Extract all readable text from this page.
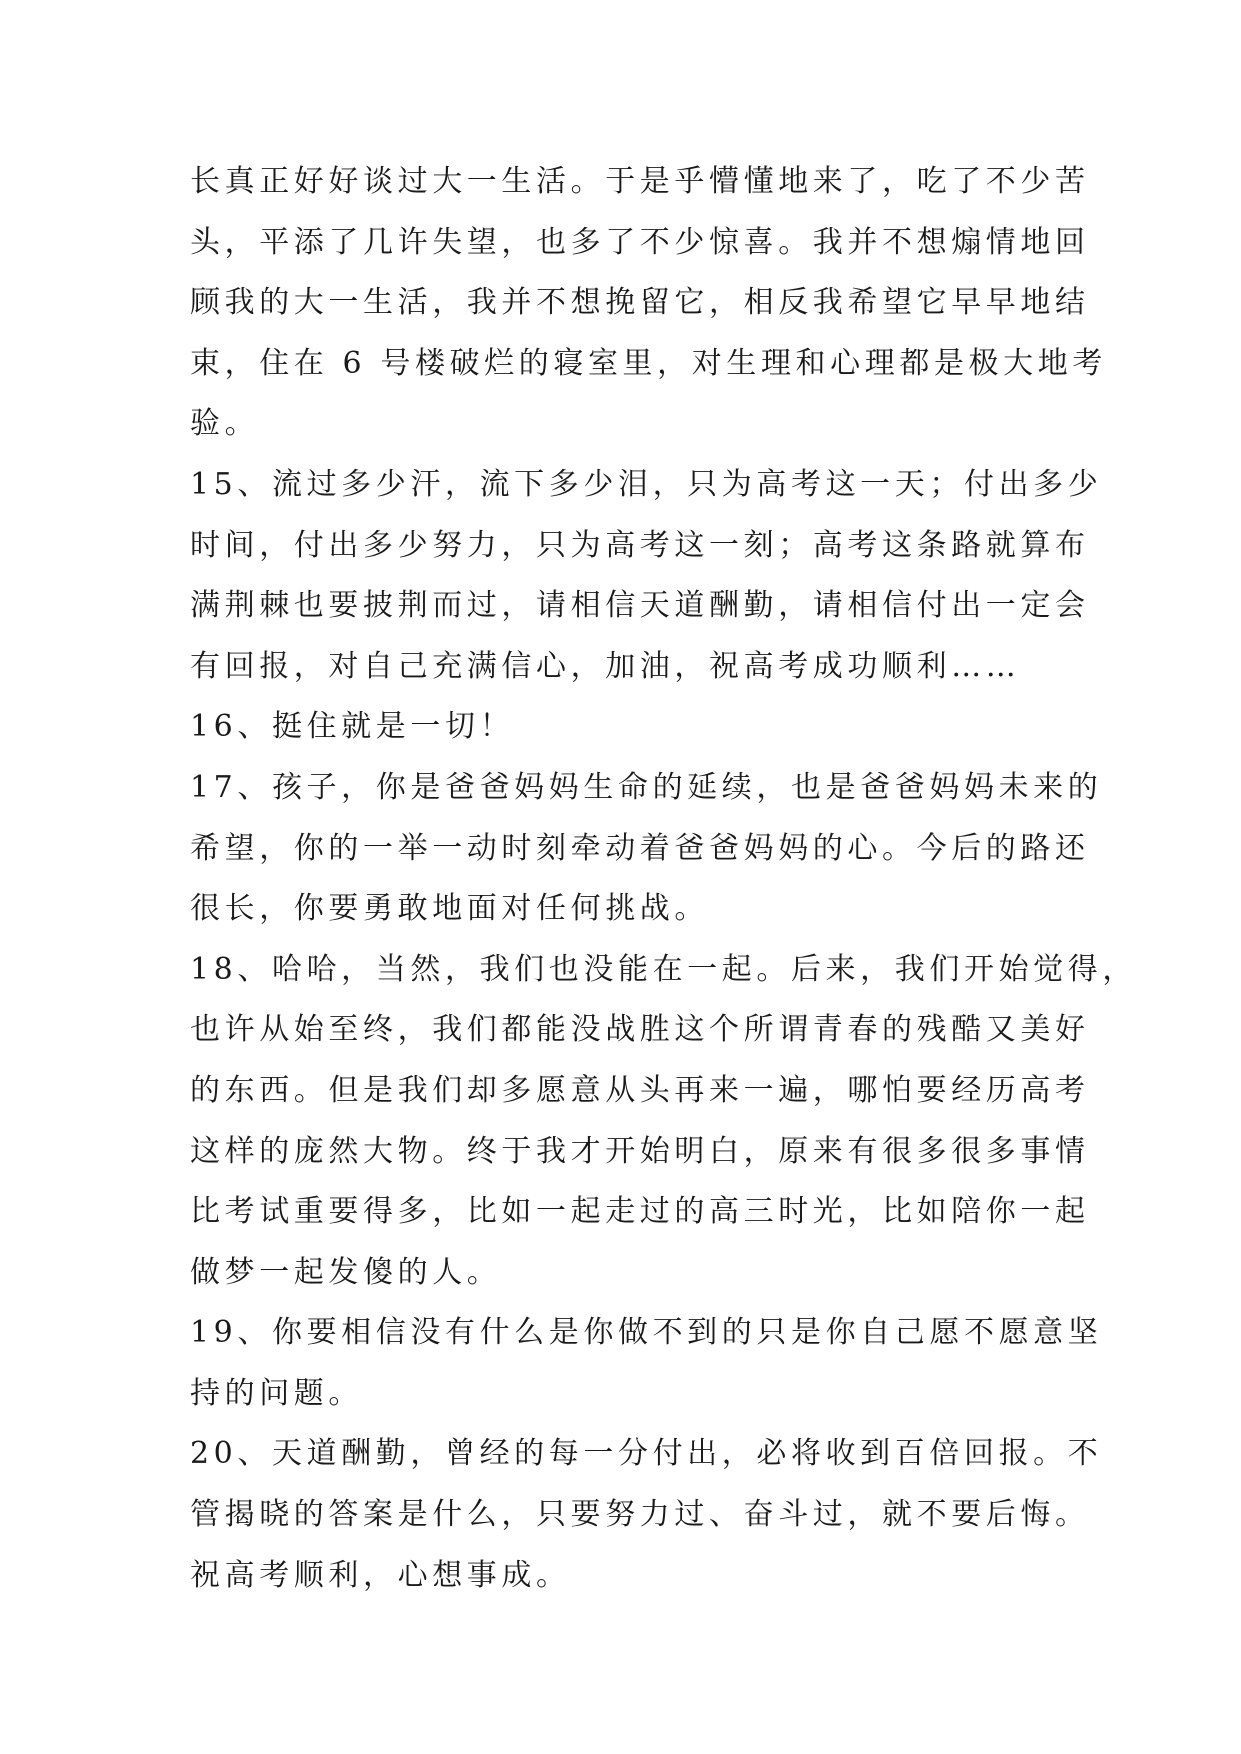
长真正好好谈过大一生活。于是乎懵懂地来了，吃了不少苦
头，平添了几许失望，也多了不少惊喜。我并不想煽情地回
顾我的大一生活，我并不想挽留它，相反我希望它早早地结
束，住在 6 号楼破烂的寝室里，对生理和心理都是极大地考
验。
15、流过多少汗，流下多少泪，只为高考这一天；付出多少
时间，付出多少努力，只为高考这一刻；高考这条路就算布
满荆棘也要披荆而过，请相信天道酬勤，请相信付出一定会
有回报，对自己充满信心，加油，祝高考成功顺利……
16、挺住就是一切！
17、孩子，你是爸爸妈妈生命的延续，也是爸爸妈妈未来的
希望，你的一举一动时刻牵动着爸爸妈妈的心。今后的路还
很长，你要勇敢地面对任何挑战。
18、哈哈，当然，我们也没能在一起。后来，我们开始觉得，
也许从始至终，我们都能没战胜这个所谓青春的残酷又美好
的东西。但是我们却多愿意从头再来一遍，哪怕要经历高考
这样的庞然大物。终于我才开始明白，原来有很多很多事情
比考试重要得多，比如一起走过的高三时光，比如陪你一起
做梦一起发傻的人。
19、你要相信没有什么是你做不到的只是你自己愿不愿意坚
持的问题。
20、天道酬勤，曾经的每一分付出，必将收到百倍回报。不
管揭晓的答案是什么，只要努力过、奋斗过，就不要后悔。
祝高考顺利，心想事成。
